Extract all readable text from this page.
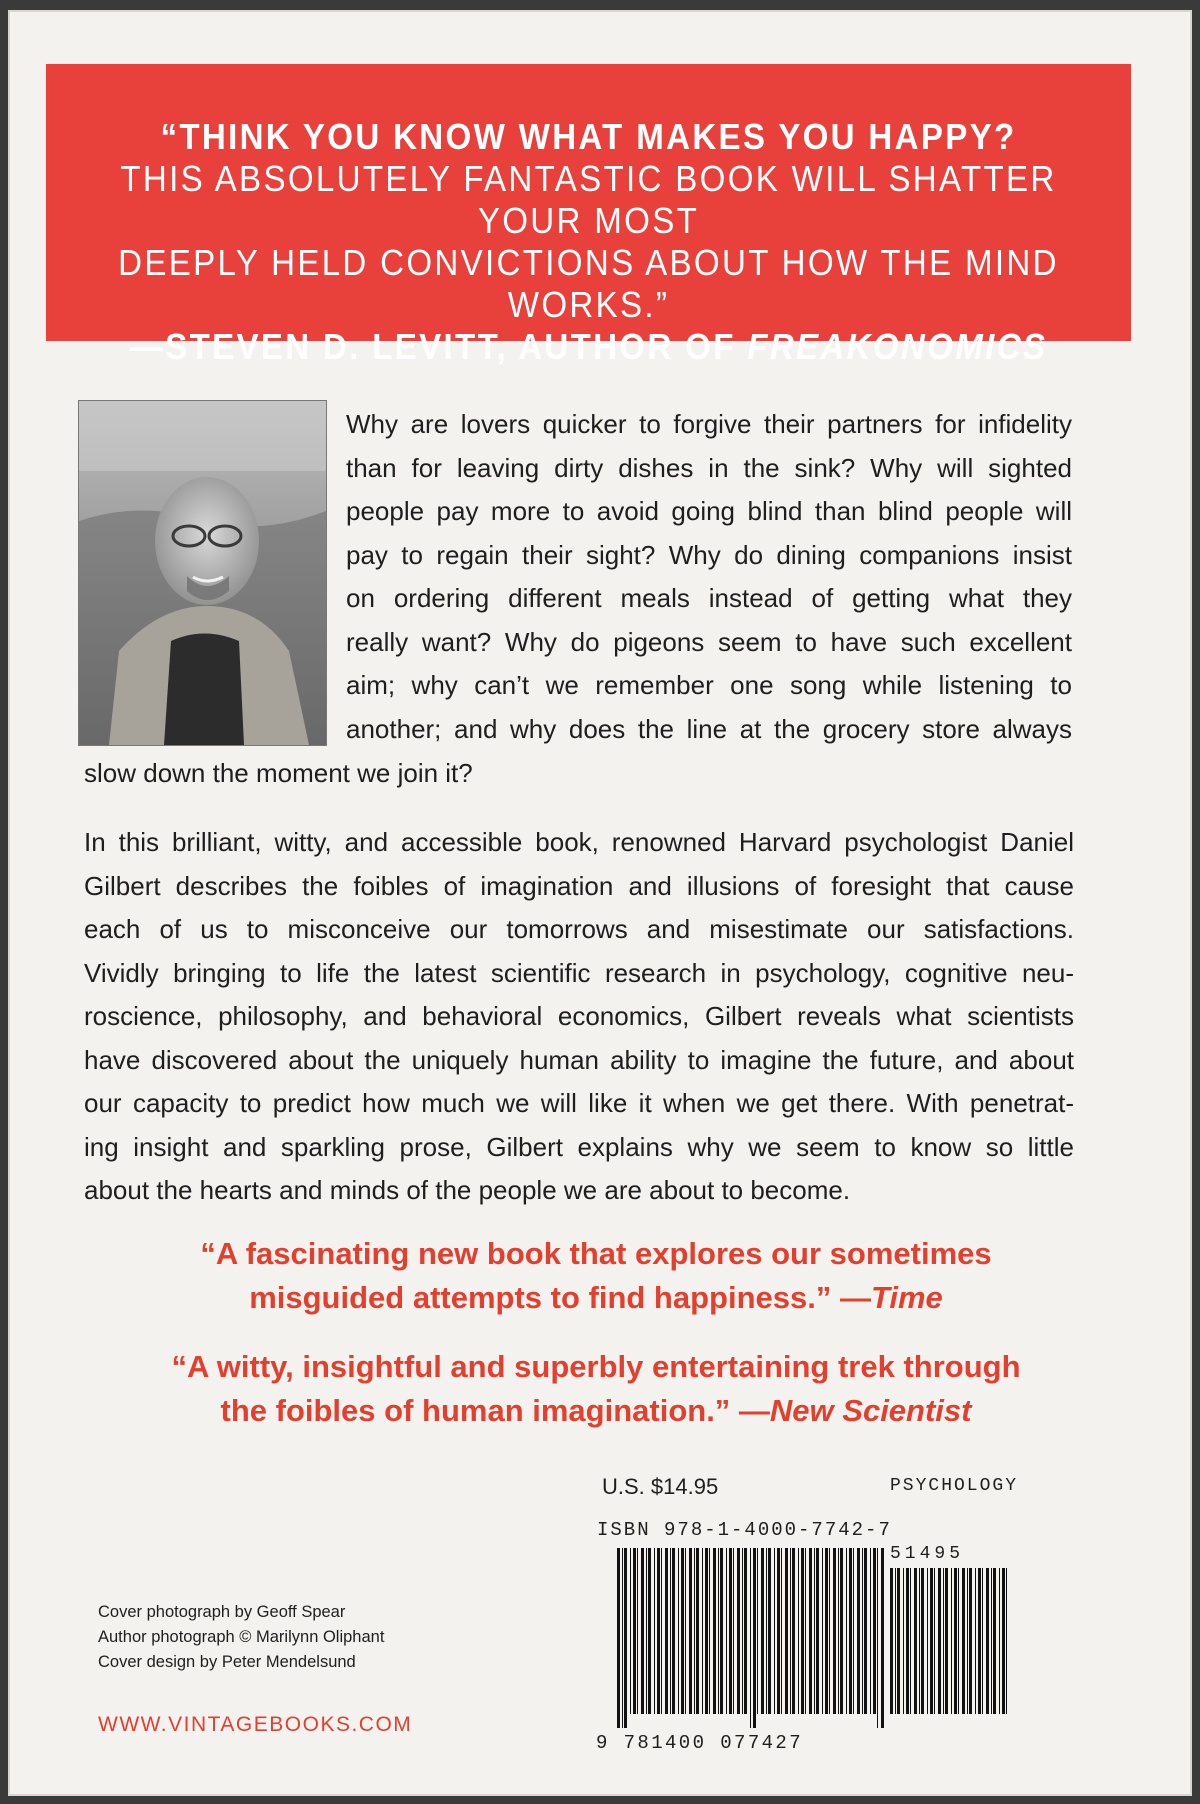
“THINK YOU KNOW WHAT MAKES YOU HAPPY?
THIS ABSOLUTELY FANTASTIC BOOK WILL SHATTER YOUR MOST
DEEPLY HELD CONVICTIONS ABOUT HOW THE MIND WORKS.”
—STEVEN D. LEVITT, AUTHOR OF FREAKONOMICS
Why are lovers quicker to forgive their partners for infidelity
than for leaving dirty dishes in the sink? Why will sighted
people pay more to avoid going blind than blind people will
pay to regain their sight? Why do dining companions insist
on ordering different meals instead of getting what they
really want? Why do pigeons seem to have such excellent
aim; why can’t we remember one song while listening to
another; and why does the line at the grocery store always
slow down the moment we join it?
In this brilliant, witty, and accessible book, renowned Harvard psychologist Daniel
Gilbert describes the foibles of imagination and illusions of foresight that cause
each of us to misconceive our tomorrows and misestimate our satisfactions.
Vividly bringing to life the latest scientific research in psychology, cognitive neu-
roscience, philosophy, and behavioral economics, Gilbert reveals what scientists
have discovered about the uniquely human ability to imagine the future, and about
our capacity to predict how much we will like it when we get there. With penetrat-
ing insight and sparkling prose, Gilbert explains why we seem to know so little
about the hearts and minds of the people we are about to become.
“A fascinating new book that explores our sometimes
misguided attempts to find happiness.” —Time
“A witty, insightful and superbly entertaining trek through
the foibles of human imagination.” —New Scientist
U.S. $14.95	PSYCHOLOGY
ISBN 978-1-4000-7742-7
9 781400 077427
51495
Cover photograph by Geoff Spear
Author photograph © Marilynn Oliphant
Cover design by Peter Mendelsund
WWW.VINTAGEBOOKS.COM
